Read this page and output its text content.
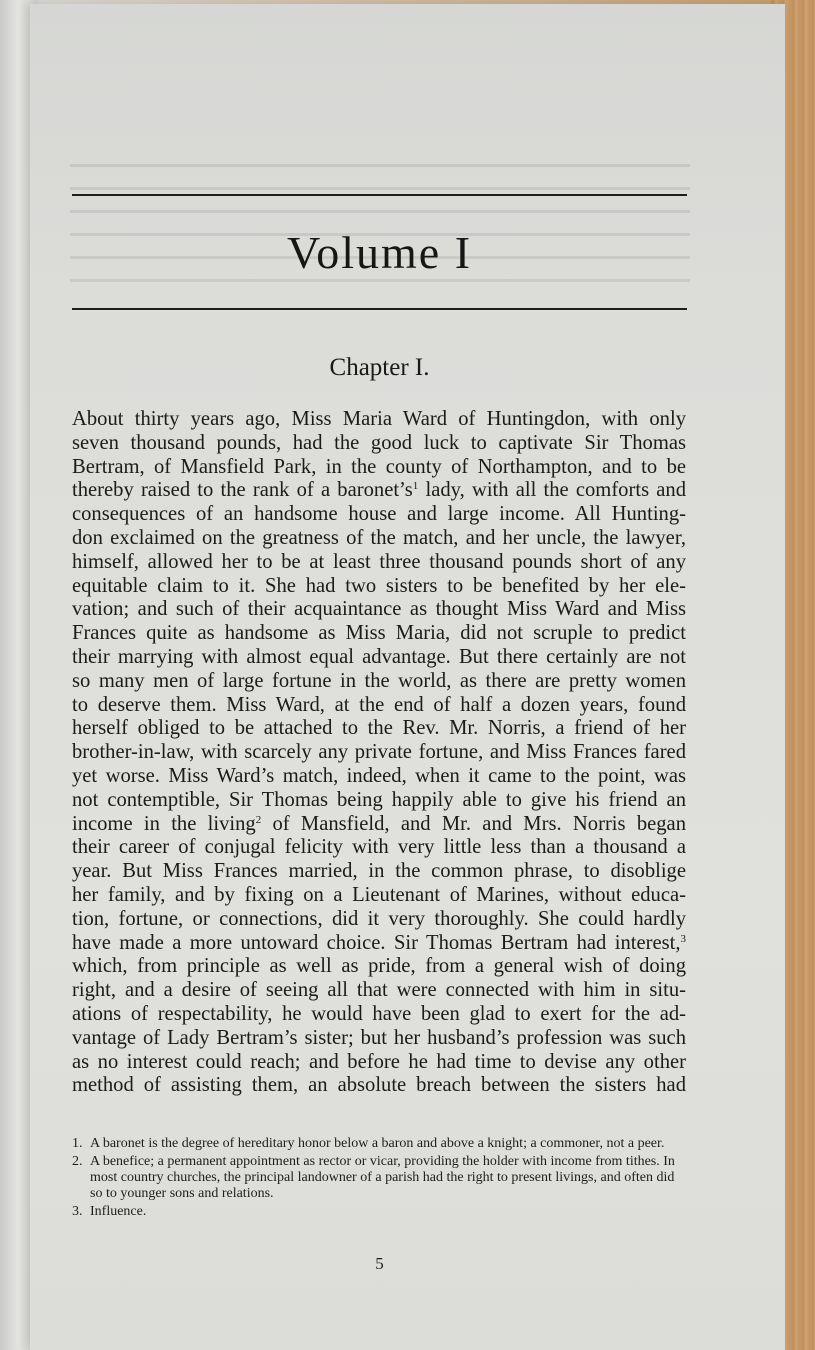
Volume I
Chapter I.
About thirty years ago, Miss Maria Ward of Huntingdon, with only
seven thousand pounds, had the good luck to captivate Sir Thomas
Bertram, of Mansfield Park, in the county of Northampton, and to be
thereby raised to the rank of a $baronet’s^1$ lady, with all the comforts and
consequences of an handsome house and large income. All Hunting-
don exclaimed on the greatness of the match, and her uncle, the lawyer,
himself, allowed her to be at least three thousand pounds short of any
equitable claim to it. She had two sisters to be benefited by her ele-
vation; and such of their acquaintance as thought Miss Ward and Miss
Frances quite as handsome as Miss Maria, did not scruple to predict
their marrying with almost equal advantage. But there certainly are not
so many men of large fortune in the world, as there are pretty women
to deserve them. Miss Ward, at the end of half a dozen years, found
herself obliged to be attached to the Rev. Mr. Norris, a friend of her
brother-in-law, with scarcely any private fortune, and Miss Frances fared
yet worse. Miss Ward’s match, indeed, when it came to the point, was
not contemptible, Sir Thomas being happily able to give his friend an
income in the living$^2$ of Mansfield, and Mr. and Mrs. Norris began
their career of conjugal felicity with very little less than a thousand a
year. But Miss Frances married, in the common phrase, to disoblige
her family, and by fixing on a Lieutenant of Marines, without educa-
tion, fortune, or connections, did it very thoroughly. She could hardly
have made a more untoward choice. Sir Thomas Bertram had interest,$^3$
which, from principle as well as pride, from a general wish of doing
right, and a desire of seeing all that were connected with him in situ-
ations of respectability, he would have been glad to exert for the ad-
vantage of Lady Bertram’s sister; but her husband’s profession was such
as no interest could reach; and before he had time to devise any other
method of assisting them, an absolute breach between the sisters had
1. A baronet is the degree of hereditary honor below a baron and above a knight; a commoner, not a peer.
2. A benefice; a permanent appointment as rector or vicar, providing the holder with income from tithes. In most country churches, the principal landowner of a parish had the right to present livings, and often did so to younger sons and relations.
3. Influence.
5
